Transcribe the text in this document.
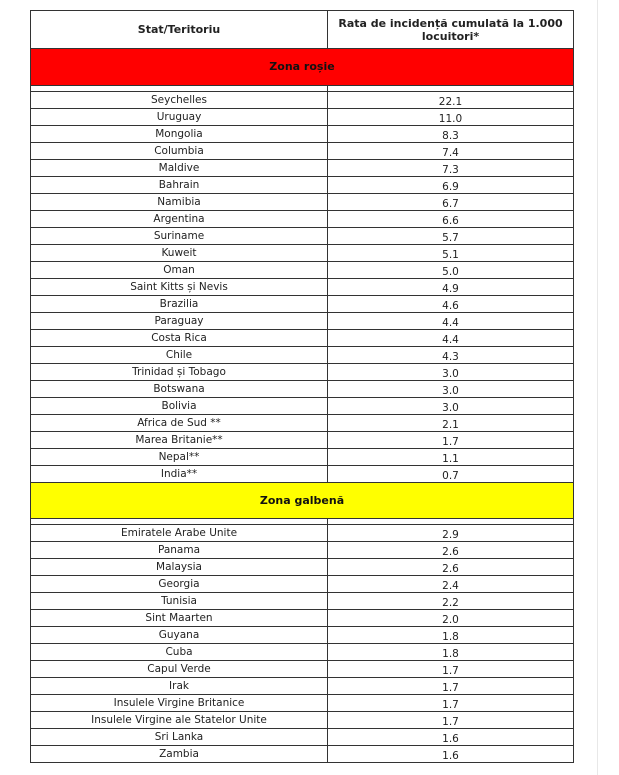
Stat/Teritoriu	Rata de incidență cumulată la 1.000 locuitori*
Zona roșie	

Seychelles	22.1
Uruguay	11.0
Mongolia	8.3
Columbia	7.4
Maldive	7.3
Bahrain	6.9
Namibia	6.7
Argentina	6.6
Suriname	5.7
Kuweit	5.1
Oman	5.0
Saint Kitts și Nevis	4.9
Brazilia	4.6
Paraguay	4.4
Costa Rica	4.4
Chile	4.3
Trinidad și Tobago	3.0
Botswana	3.0
Bolivia	3.0
Africa de Sud **	2.1
Marea Britanie**	1.7
Nepal**	1.1
India**	0.7
Zona galbenă	

Emiratele Arabe Unite	2.9
Panama	2.6
Malaysia	2.6
Georgia	2.4
Tunisia	2.2
Sint Maarten	2.0
Guyana	1.8
Cuba	1.8
Capul Verde	1.7
Irak	1.7
Insulele Virgine Britanice	1.7
Insulele Virgine ale Statelor Unite	1.7
Sri Lanka	1.6
Zambia	1.6
